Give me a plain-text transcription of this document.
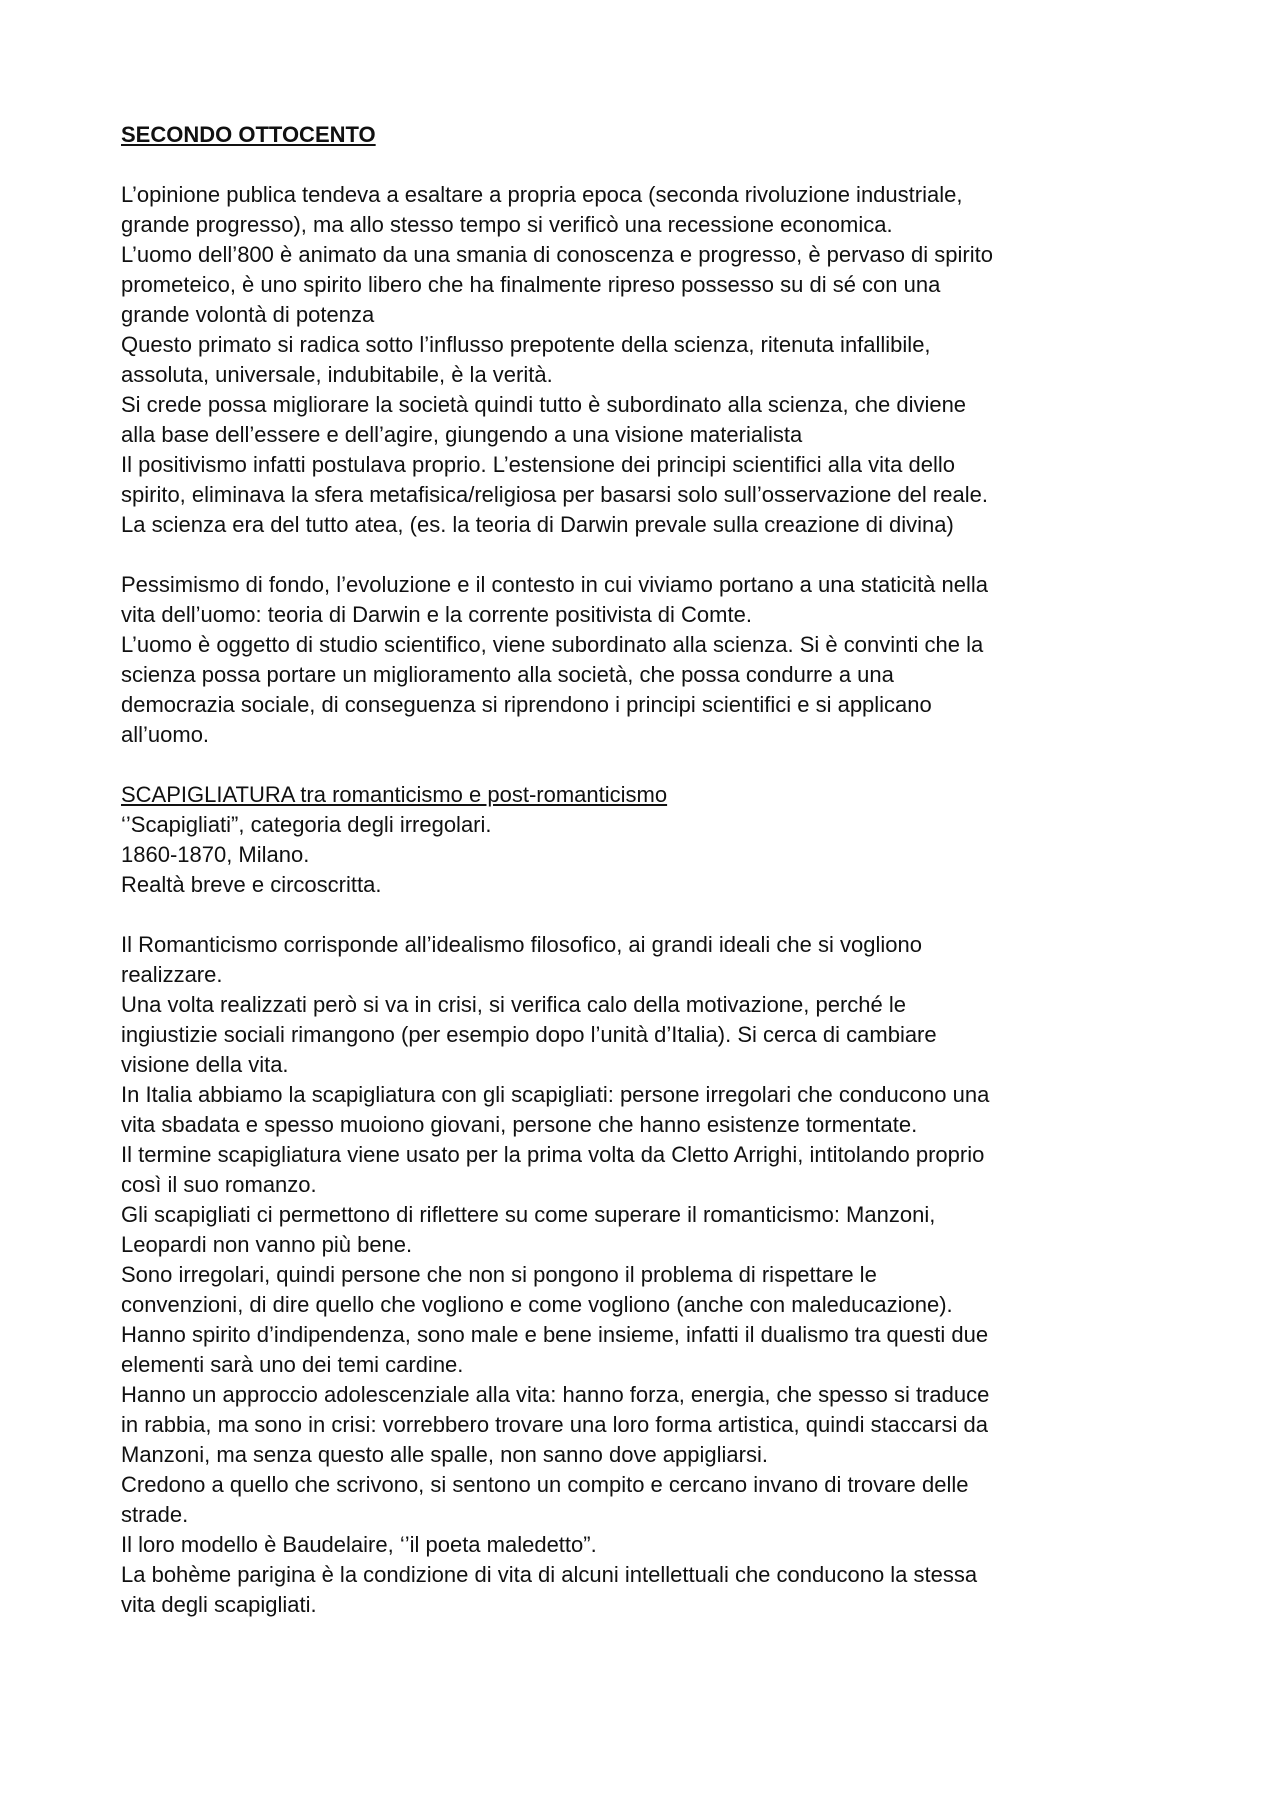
SECONDO OTTOCENTO
L’opinione publica tendeva a esaltare a propria epoca (seconda rivoluzione industriale,
grande progresso), ma allo stesso tempo si verificò una recessione economica.
L’uomo dell’800 è animato da una smania di conoscenza e progresso, è pervaso di spirito
prometeico, è uno spirito libero che ha finalmente ripreso possesso su di sé con una
grande volontà di potenza
Questo primato si radica sotto l’influsso prepotente della scienza, ritenuta infallibile,
assoluta, universale, indubitabile, è la verità.
Si crede possa migliorare la società quindi tutto è subordinato alla scienza, che diviene
alla base dell’essere e dell’agire, giungendo a una visione materialista
Il positivismo infatti postulava proprio. L’estensione dei principi scientifici alla vita dello
spirito, eliminava la sfera metafisica/religiosa per basarsi solo sull’osservazione del reale.
La scienza era del tutto atea, (es. la teoria di Darwin prevale sulla creazione di divina)
Pessimismo di fondo, l’evoluzione e il contesto in cui viviamo portano a una staticità nella
vita dell’uomo: teoria di Darwin e la corrente positivista di Comte.
L’uomo è oggetto di studio scientifico, viene subordinato alla scienza. Si è convinti che la
scienza possa portare un miglioramento alla società, che possa condurre a una
democrazia sociale, di conseguenza si riprendono i principi scientifici e si applicano
all’uomo.
SCAPIGLIATURA tra romanticismo e post-romanticismo
‘’Scapigliati”, categoria degli irregolari.
1860-1870, Milano.
Realtà breve e circoscritta.
Il Romanticismo corrisponde all’idealismo filosofico, ai grandi ideali che si vogliono
realizzare.
Una volta realizzati però si va in crisi, si verifica calo della motivazione, perché le
ingiustizie sociali rimangono (per esempio dopo l’unità d’Italia). Si cerca di cambiare
visione della vita.
In Italia abbiamo la scapigliatura con gli scapigliati: persone irregolari che conducono una
vita sbadata e spesso muoiono giovani, persone che hanno esistenze tormentate.
Il termine scapigliatura viene usato per la prima volta da Cletto Arrighi, intitolando proprio
così il suo romanzo.
Gli scapigliati ci permettono di riflettere su come superare il romanticismo: Manzoni,
Leopardi non vanno più bene.
Sono irregolari, quindi persone che non si pongono il problema di rispettare le
convenzioni, di dire quello che vogliono e come vogliono (anche con maleducazione).
Hanno spirito d’indipendenza, sono male e bene insieme, infatti il dualismo tra questi due
elementi sarà uno dei temi cardine.
Hanno un approccio adolescenziale alla vita: hanno forza, energia, che spesso si traduce
in rabbia, ma sono in crisi: vorrebbero trovare una loro forma artistica, quindi staccarsi da
Manzoni, ma senza questo alle spalle, non sanno dove appigliarsi.
Credono a quello che scrivono, si sentono un compito e cercano invano di trovare delle
strade.
Il loro modello è Baudelaire, ‘’il poeta maledetto”.
La bohème parigina è la condizione di vita di alcuni intellettuali che conducono la stessa
vita degli scapigliati.
